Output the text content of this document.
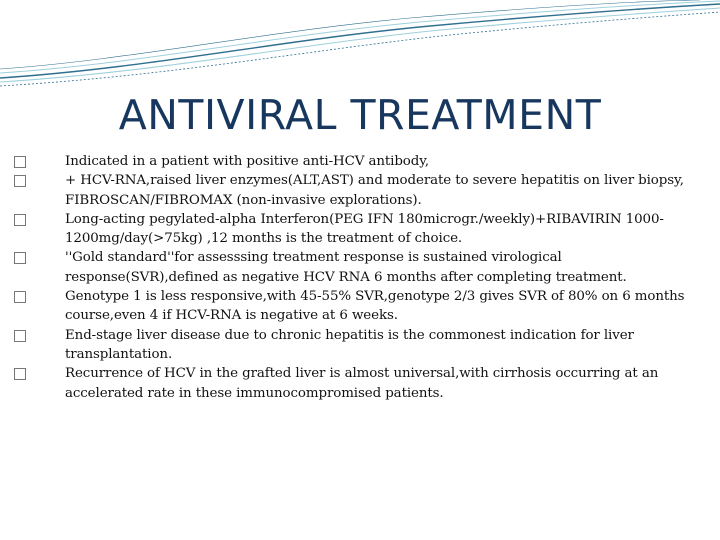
ANTIVIRAL TREATMENT
Indicated in a patient with positive anti-HCV antibody,
+ HCV-RNA,raised liver enzymes(ALT,AST) and moderate to severe hepatitis on liver biopsy, FIBROSCAN/FIBROMAX (non-invasive explorations).
Long-acting pegylated-alpha Interferon(PEG IFN 180microgr./weekly)+RIBAVIRIN 1000-1200mg/day(>75kg) ,12 months is the treatment of choice.
''Gold standard''for assesssing treatment response is sustained virological response(SVR),defined as negative HCV RNA 6 months after completing treatment.
Genotype 1 is less responsive,with 45-55% SVR,genotype 2/3 gives SVR of 80% on 6 months course,even 4 if HCV-RNA is negative at 6 weeks.
End-stage liver disease due to chronic hepatitis is the commonest indication for liver transplantation.
Recurrence of HCV in the grafted liver is almost universal,with cirrhosis occurring at an accelerated rate in these immunocompromised patients.
